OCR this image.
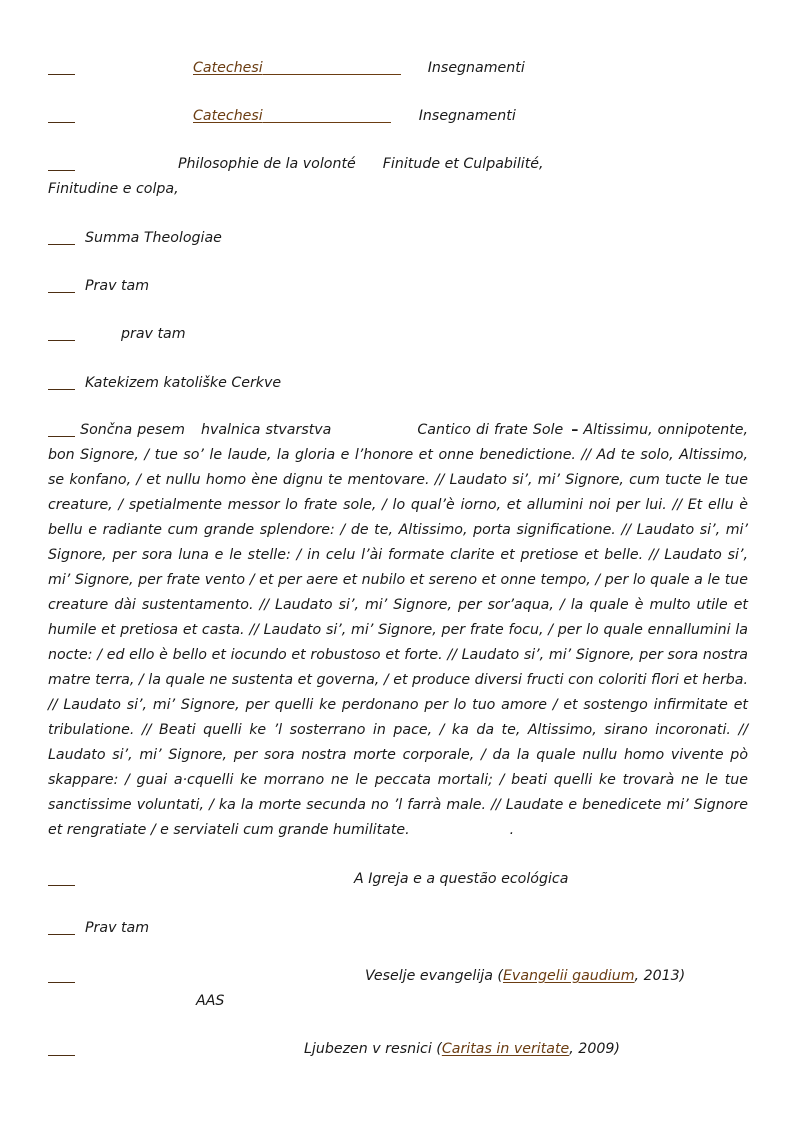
Catechesi	Insegnamenti
Catechesi	Insegnamenti
Philosophie de la volonté Finitude et Culpabilité,
Finitudine e colpa,
Summa Theologiae
Prav tam
prav tam
Katekizem katoliške Cerkve
Sončna pesem hvalnica stvarstva	Cantico di frate Sole – Altissimu, onnipotente, bon Signore, / tue so’ le laude, la gloria e l’honore et onne benedictione. // Ad te solo, Altissimo, se konfano, / et nullu homo ène dignu te mentovare. // Laudato si’, mi’ Signore, cum tucte le tue creature, / spetialmente messor lo frate sole, / lo qual’è iorno, et allumini noi per lui. // Et ellu è bellu e radiante cum grande splendore: / de te, Altissimo, porta significatione. // Laudato si’, mi’ Signore, per sora luna e le stelle: / in celu l’ài formate clarite et pretiose et belle. // Laudato si’, mi’ Signore, per frate vento / et per aere et nubilo et sereno et onne tempo, / per lo quale a le tue creature dài sustentamento. // Laudato si’, mi’ Signore, per sor’aqua, / la quale è multo utile et humile et pretiosa et casta. // Laudato si’, mi’ Signore, per frate focu, / per lo quale ennallumini la nocte: / ed ello è bello et iocundo et robustoso et forte. // Laudato si’, mi’ Signore, per sora nostra matre terra, / la quale ne sustenta et governa, / et produce diversi fructi con coloriti flori et herba. // Laudato si’, mi’ Signore, per quelli ke perdonano per lo tuo amore / et sostengo infirmitate et tribulatione. // Beati quelli ke ’l sosterrano in pace, / ka da te, Altissimo, sirano incoronati. // Laudato si’, mi’ Signore, per sora nostra morte corporale, / da la quale nullu homo vivente pò skappare: / guai a·cquelli ke morrano ne le peccata mortali; / beati quelli ke trovarà ne le tue sanctissime voluntati, / ka la morte secunda no ’l farrà male. // Laudate e benedicete mi’ Signore et rengratiate / e serviateli cum grande humilitate.	.
A Igreja e a questão ecológica
Prav tam
Veselje evangelija (Evangelii gaudium, 2013)
AAS
Ljubezen v resnici (Caritas in veritate, 2009)
